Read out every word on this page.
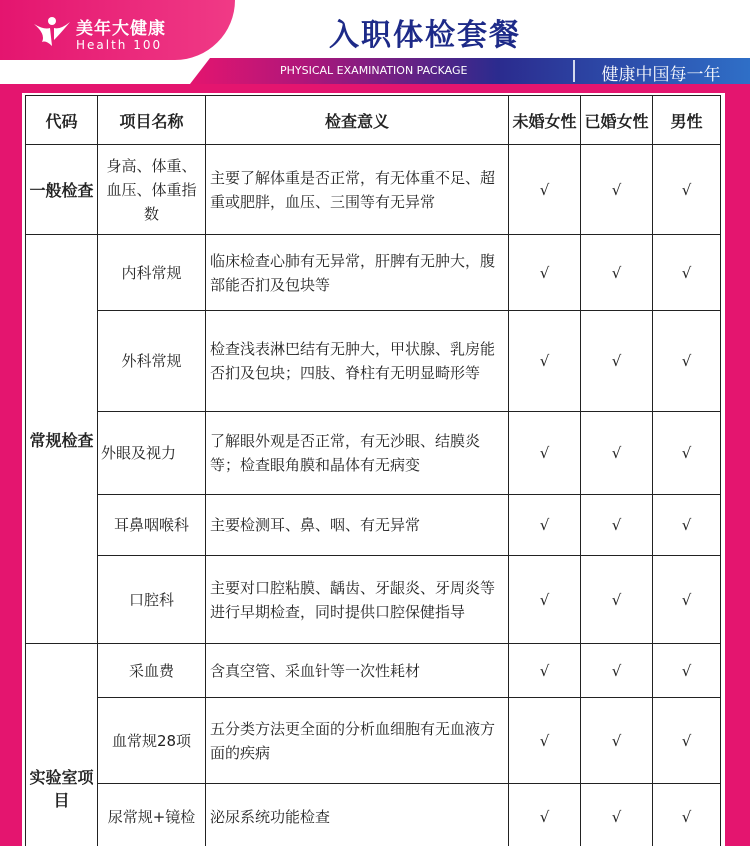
美年大健康
Health 100	入职体检套餐
PHYSICAL EXAMINATION PACKAGE	健康中国每一年
代码	项目名称	检查意义	未婚女性	已婚女性	男性
一般检查	身高、体重、血压、体重指数	主要了解体重是否正常，有无体重不足、超重或肥胖，血压、三围等有无异常	√	√	√
常规检查	内科常规	临床检查心肺有无异常，肝脾有无肿大，腹部能否扪及包块等	√	√	√
	外科常规	检查浅表淋巴结有无肿大，甲状腺、乳房能否扪及包块；四肢、脊柱有无明显畸形等	√	√	√
	外眼及视力	了解眼外观是否正常，有无沙眼、结膜炎等；检查眼角膜和晶体有无病变	√	√	√
	耳鼻咽喉科	主要检测耳、鼻、咽、有无异常	√	√	√
	口腔科	主要对口腔粘膜、龋齿、牙龈炎、牙周炎等进行早期检查，同时提供口腔保健指导	√	√	√
实验室项目	采血费	含真空管、采血针等一次性耗材	√	√	√
	血常规28项	五分类方法更全面的分析血细胞有无血液方面的疾病	√	√	√
	尿常规+镜检	泌尿系统功能检查	√	√	√
